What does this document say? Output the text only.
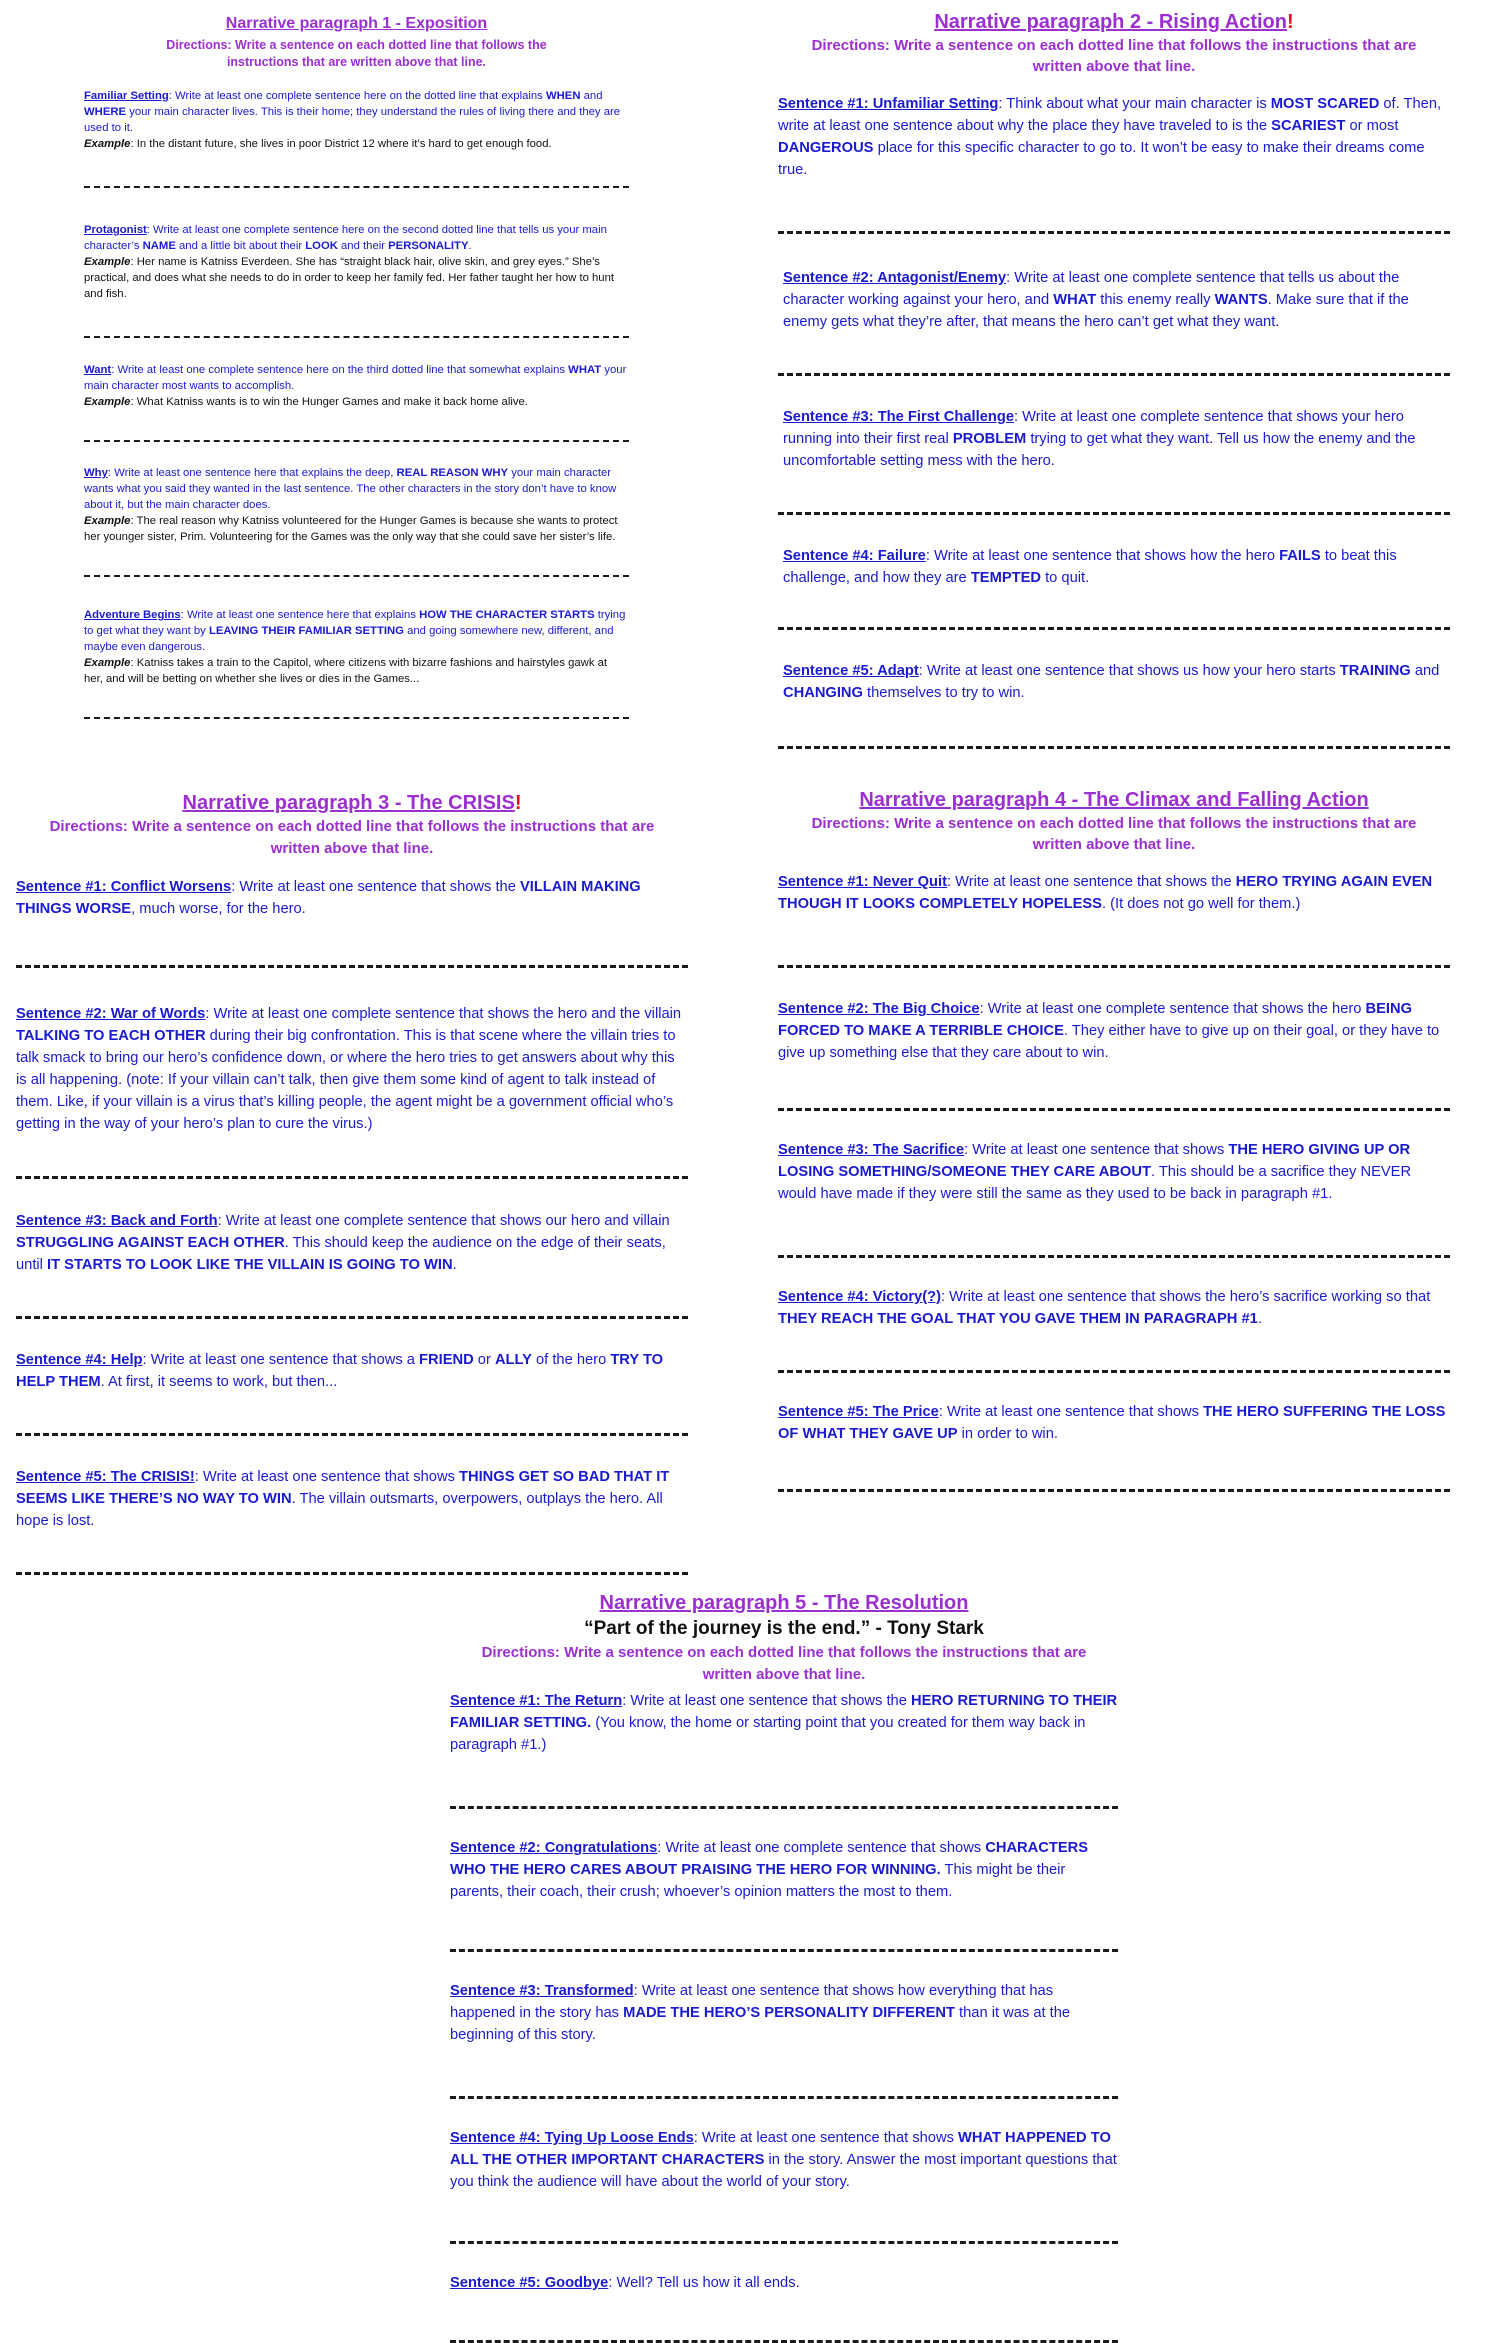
Narrative paragraph 1 - Exposition

Directions: Write a sentence on each dotted line that follows the instructions that are written above that line.

Familiar Setting: Write at least one complete sentence here on the dotted line that explains WHEN and WHERE your main character lives. This is their home; they understand the rules of living there and they are used to it.

Example: In the distant future, she lives in poor District 12 where it’s hard to get enough food.

Protagonist: Write at least one complete sentence here on the second dotted line that tells us your main character’s NAME and a little bit about their LOOK and their PERSONALITY.

Example: Her name is Katniss Everdeen. She has “straight black hair, olive skin, and grey eyes.” She’s practical, and does what she needs to do in order to keep her family fed. Her father taught her how to hunt and fish.

Want: Write at least one complete sentence here on the third dotted line that somewhat explains WHAT your main character most wants to accomplish.

Example: What Katniss wants is to win the Hunger Games and make it back home alive.

Why: Write at least one sentence here that explains the deep, REAL REASON WHY your main character wants what you said they wanted in the last sentence. The other characters in the story don’t have to know about it, but the main character does.

Example: The real reason why Katniss volunteered for the Hunger Games is because she wants to protect her younger sister, Prim. Volunteering for the Games was the only way that she could save her sister’s life.

Adventure Begins: Write at least one sentence here that explains HOW THE CHARACTER STARTS trying to get what they want by LEAVING THEIR FAMILIAR SETTING and going somewhere new, different, and maybe even dangerous.

Example: Katniss takes a train to the Capitol, where citizens with bizarre fashions and hairstyles gawk at her, and will be betting on whether she lives or dies in the Games...

Narrative paragraph 2 - Rising Action!

Directions: Write a sentence on each dotted line that follows the instructions that are written above that line.

Sentence #1: Unfamiliar Setting: Think about what your main character is MOST SCARED of. Then, write at least one sentence about why the place they have traveled to is the SCARIEST or most DANGEROUS place for this specific character to go to. It won’t be easy to make their dreams come true.

Sentence #2: Antagonist/Enemy: Write at least one complete sentence that tells us about the character working against your hero, and WHAT this enemy really WANTS. Make sure that if the enemy gets what they’re after, that means the hero can’t get what they want.

Sentence #3: The First Challenge: Write at least one complete sentence that shows your hero running into their first real PROBLEM trying to get what they want. Tell us how the enemy and the uncomfortable setting mess with the hero.

Sentence #4: Failure: Write at least one sentence that shows how the hero FAILS to beat this challenge, and how they are TEMPTED to quit.

Sentence #5: Adapt: Write at least one sentence that shows us how your hero starts TRAINING and CHANGING themselves to try to win.

Narrative paragraph 3 - The CRISIS!

Directions: Write a sentence on each dotted line that follows the instructions that are written above that line.

Sentence #1: Conflict Worsens: Write at least one sentence that shows the VILLAIN MAKING THINGS WORSE, much worse, for the hero.

Sentence #2: War of Words: Write at least one complete sentence that shows the hero and the villain TALKING TO EACH OTHER during their big confrontation. This is that scene where the villain tries to talk smack to bring our hero’s confidence down, or where the hero tries to get answers about why this is all happening. (note: If your villain can’t talk, then give them some kind of agent to talk instead of them. Like, if your villain is a virus that’s killing people, the agent might be a government official who’s getting in the way of your hero’s plan to cure the virus.)

Sentence #3: Back and Forth: Write at least one complete sentence that shows our hero and villain STRUGGLING AGAINST EACH OTHER. This should keep the audience on the edge of their seats, until IT STARTS TO LOOK LIKE THE VILLAIN IS GOING TO WIN.

Sentence #4: Help: Write at least one sentence that shows a FRIEND or ALLY of the hero TRY TO HELP THEM. At first, it seems to work, but then...

Sentence #5: The CRISIS!: Write at least one sentence that shows THINGS GET SO BAD THAT IT SEEMS LIKE THERE’S NO WAY TO WIN. The villain outsmarts, overpowers, outplays the hero. All hope is lost.

Narrative paragraph 4 - The Climax and Falling Action

Directions: Write a sentence on each dotted line that follows the instructions that are written above that line.

Sentence #1: Never Quit: Write at least one sentence that shows the HERO TRYING AGAIN EVEN THOUGH IT LOOKS COMPLETELY HOPELESS. (It does not go well for them.)

Sentence #2: The Big Choice: Write at least one complete sentence that shows the hero BEING FORCED TO MAKE A TERRIBLE CHOICE. They either have to give up on their goal, or they have to give up something else that they care about to win.

Sentence #3: The Sacrifice: Write at least one sentence that shows THE HERO GIVING UP OR LOSING SOMETHING/SOMEONE THEY CARE ABOUT. This should be a sacrifice they NEVER would have made if they were still the same as they used to be back in paragraph #1.

Sentence #4: Victory(?): Write at least one sentence that shows the hero’s sacrifice working so that THEY REACH THE GOAL THAT YOU GAVE THEM IN PARAGRAPH #1.

Sentence #5: The Price: Write at least one sentence that shows THE HERO SUFFERING THE LOSS OF WHAT THEY GAVE UP in order to win.

Narrative paragraph 5 - The Resolution

“Part of the journey is the end.” - Tony Stark

Directions: Write a sentence on each dotted line that follows the instructions that are written above that line.

Sentence #1: The Return: Write at least one sentence that shows the HERO RETURNING TO THEIR FAMILIAR SETTING. (You know, the home or starting point that you created for them way back in paragraph #1.)

Sentence #2: Congratulations: Write at least one complete sentence that shows CHARACTERS WHO THE HERO CARES ABOUT PRAISING THE HERO FOR WINNING. This might be their parents, their coach, their crush; whoever’s opinion matters the most to them.

Sentence #3: Transformed: Write at least one sentence that shows how everything that has happened in the story has MADE THE HERO’S PERSONALITY DIFFERENT than it was at the beginning of this story.

Sentence #4: Tying Up Loose Ends: Write at least one sentence that shows WHAT HAPPENED TO ALL THE OTHER IMPORTANT CHARACTERS in the story. Answer the most important questions that you think the audience will have about the world of your story.

Sentence #5: Goodbye: Well? Tell us how it all ends.
